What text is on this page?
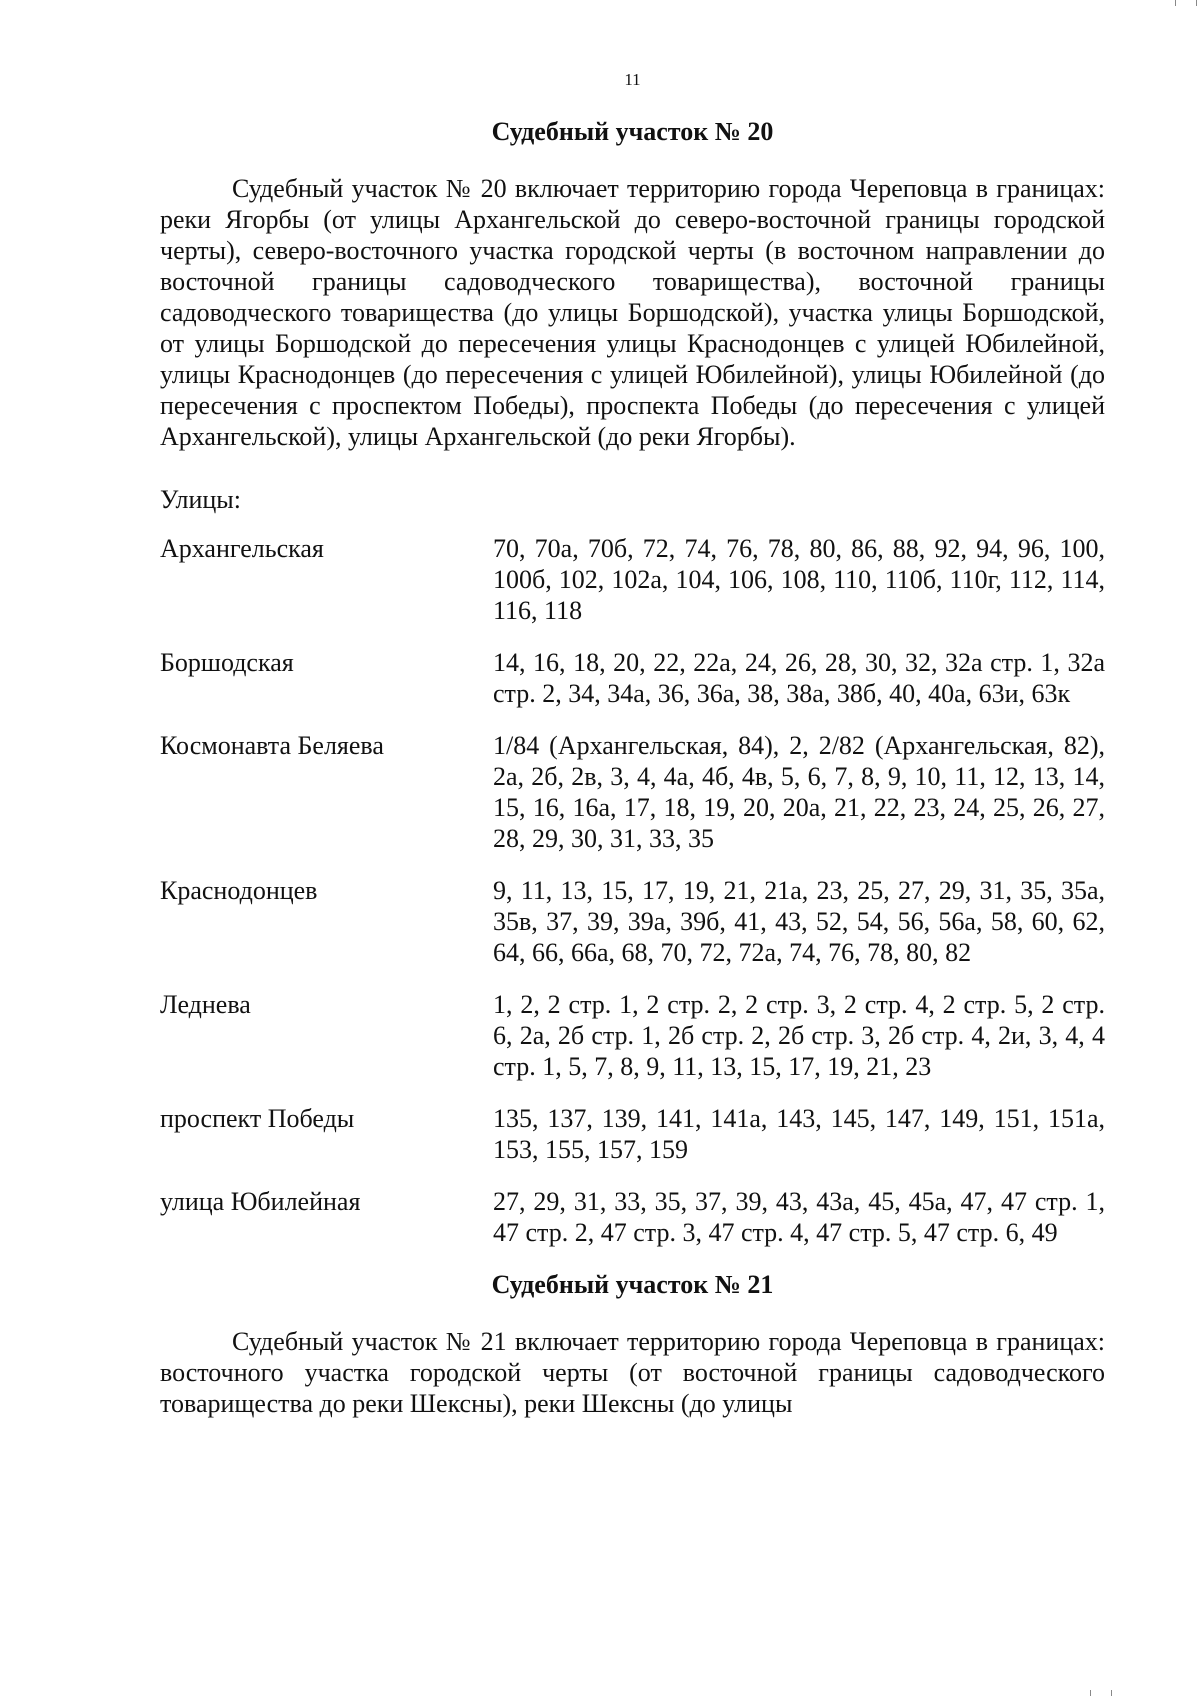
11
Судебный участок № 20

Судебный участок № 20 включает территорию города Череповца в границах: реки Ягорбы (от улицы Архангельской до северо-восточной границы городской черты), северо-восточного участка городской черты (в восточном направлении до восточной границы садоводческого товарищества), восточной границы садоводческого товарищества (до улицы Боршодской), участка улицы Боршодской, от улицы Боршодской до пересечения улицы Краснодонцев с улицей Юбилейной, улицы Краснодонцев (до пересечения с улицей Юбилейной), улицы Юбилейной (до пересечения с проспектом Победы), проспекта Победы (до пересечения с улицей Архангельской), улицы Архангельской (до реки Ягорбы).

Улицы:
Архангельская	70, 70а, 70б, 72, 74, 76, 78, 80, 86, 88, 92, 94, 96, 100, 100б, 102, 102а, 104, 106, 108, 110, 110б, 110г, 112, 114, 116, 118
Боршодская	14, 16, 18, 20, 22, 22а, 24, 26, 28, 30, 32, 32а стр. 1, 32а стр. 2, 34, 34а, 36, 36а, 38, 38а, 38б, 40, 40а, 63и, 63к
Космонавта Беляева	1/84 (Архангельская, 84), 2, 2/82 (Архангельская, 82), 2а, 2б, 2в, 3, 4, 4а, 4б, 4в, 5, 6, 7, 8, 9, 10, 11, 12, 13, 14, 15, 16, 16а, 17, 18, 19, 20, 20а, 21, 22, 23, 24, 25, 26, 27, 28, 29, 30, 31, 33, 35
Краснодонцев	9, 11, 13, 15, 17, 19, 21, 21а, 23, 25, 27, 29, 31, 35, 35а, 35в, 37, 39, 39а, 39б, 41, 43, 52, 54, 56, 56а, 58, 60, 62, 64, 66, 66а, 68, 70, 72, 72а, 74, 76, 78, 80, 82
Леднева	1, 2, 2 стр. 1, 2 стр. 2, 2 стр. 3, 2 стр. 4, 2 стр. 5, 2 стр. 6, 2а, 2б стр. 1, 2б стр. 2, 2б стр. 3, 2б стр. 4, 2и, 3, 4, 4 стр. 1, 5, 7, 8, 9, 11, 13, 15, 17, 19, 21, 23
проспект Победы	135, 137, 139, 141, 141а, 143, 145, 147, 149, 151, 151а, 153, 155, 157, 159
улица Юбилейная	27, 29, 31, 33, 35, 37, 39, 43, 43а, 45, 45а, 47, 47 стр. 1, 47 стр. 2, 47 стр. 3, 47 стр. 4, 47 стр. 5, 47 стр. 6, 49
Судебный участок № 21

Судебный участок № 21 включает территорию города Череповца в границах: восточного участка городской черты (от восточной границы садоводческого товарищества до реки Шексны), реки Шексны (до улицы
